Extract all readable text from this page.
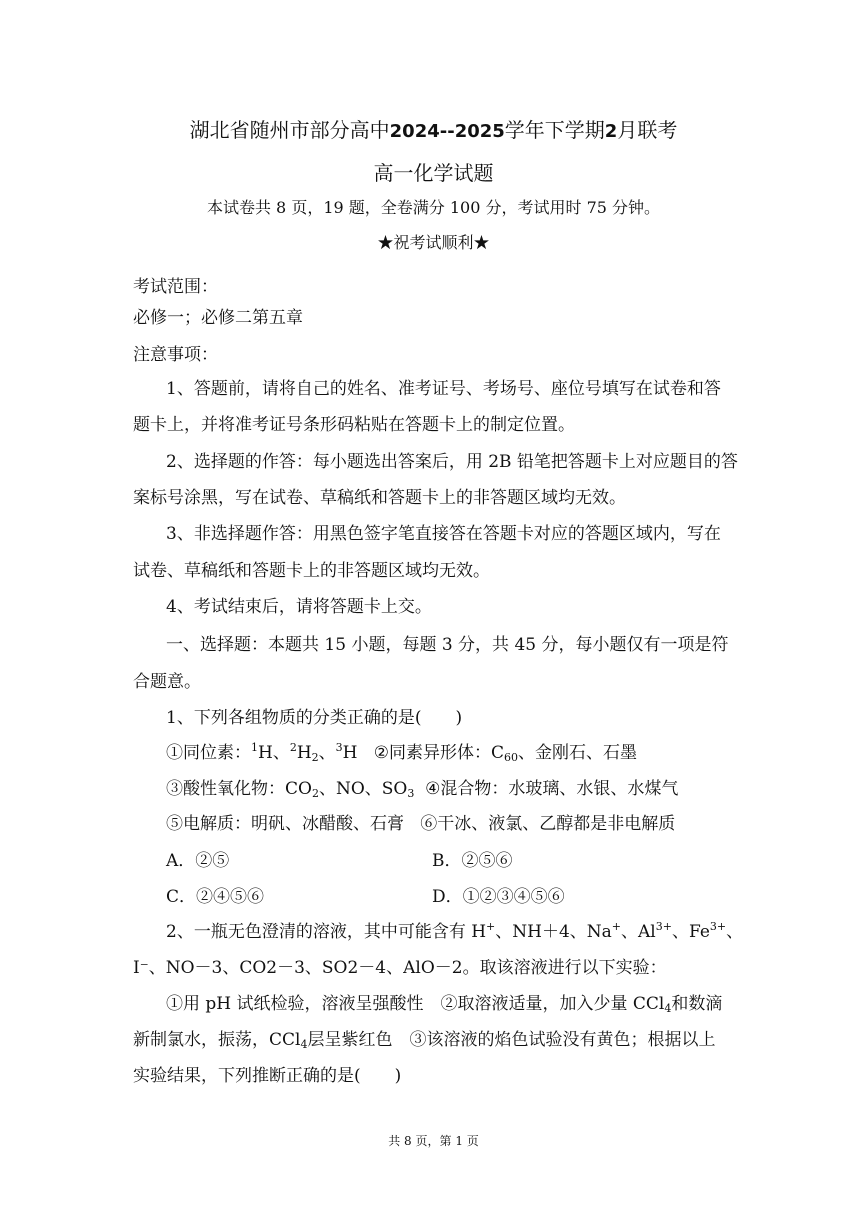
湖北省随州市部分高中2024--2025学年下学期2月联考
高一化学试题
本试卷共 8 页，19 题，全卷满分 100 分，考试用时 75 分钟。
★祝考试顺利★
考试范围：
必修一；必修二第五章
注意事项：
1、答题前，请将自己的姓名、准考证号、考场号、座位号填写在试卷和答
题卡上，并将准考证号条形码粘贴在答题卡上的制定位置。
2、选择题的作答：每小题选出答案后，用 2B 铅笔把答题卡上对应题目的答
案标号涂黑，写在试卷、草稿纸和答题卡上的非答题区域均无效。
3、非选择题作答：用黑色签字笔直接答在答题卡对应的答题区域内，写在
试卷、草稿纸和答题卡上的非答题区域均无效。
4、考试结束后，请将答题卡上交。
一、选择题：本题共 15 小题，每题 3 分，共 45 分，每小题仅有一项是符
合题意。
1、下列各组物质的分类正确的是(　　)
①同位素：$^1$H、$^2H_2$、$^3$H ②同素异形体：$C_{60}$、金刚石、石墨
③酸性氧化物：$CO_2$、NO、$SO_3$ ④混合物：水玻璃、水银、水煤气
⑤电解质：明矾、冰醋酸、石膏 ⑥干冰、液氯、乙醇都是非电解质
A．②⑤	B．②⑤⑥
C．②④⑤⑥	D．①②③④⑤⑥
2、一瓶无色澄清的溶液，其中可能含有 H+、NH＋4、Na+、$Al^{3+}$、$Fe^{3+}$、
I⁻、NO－3、CO2－3、SO2－4、AlO－2。取该溶液进行以下实验：
①用 pH 试纸检验，溶液呈强酸性　②取溶液适量，加入少量 CCl$_4$和数滴
新制氯水，振荡，CCl$_4$层呈紫红色　③该溶液的焰色试验没有黄色；根据以上
实验结果，下列推断正确的是(　　)
共 8 页，第 1 页
